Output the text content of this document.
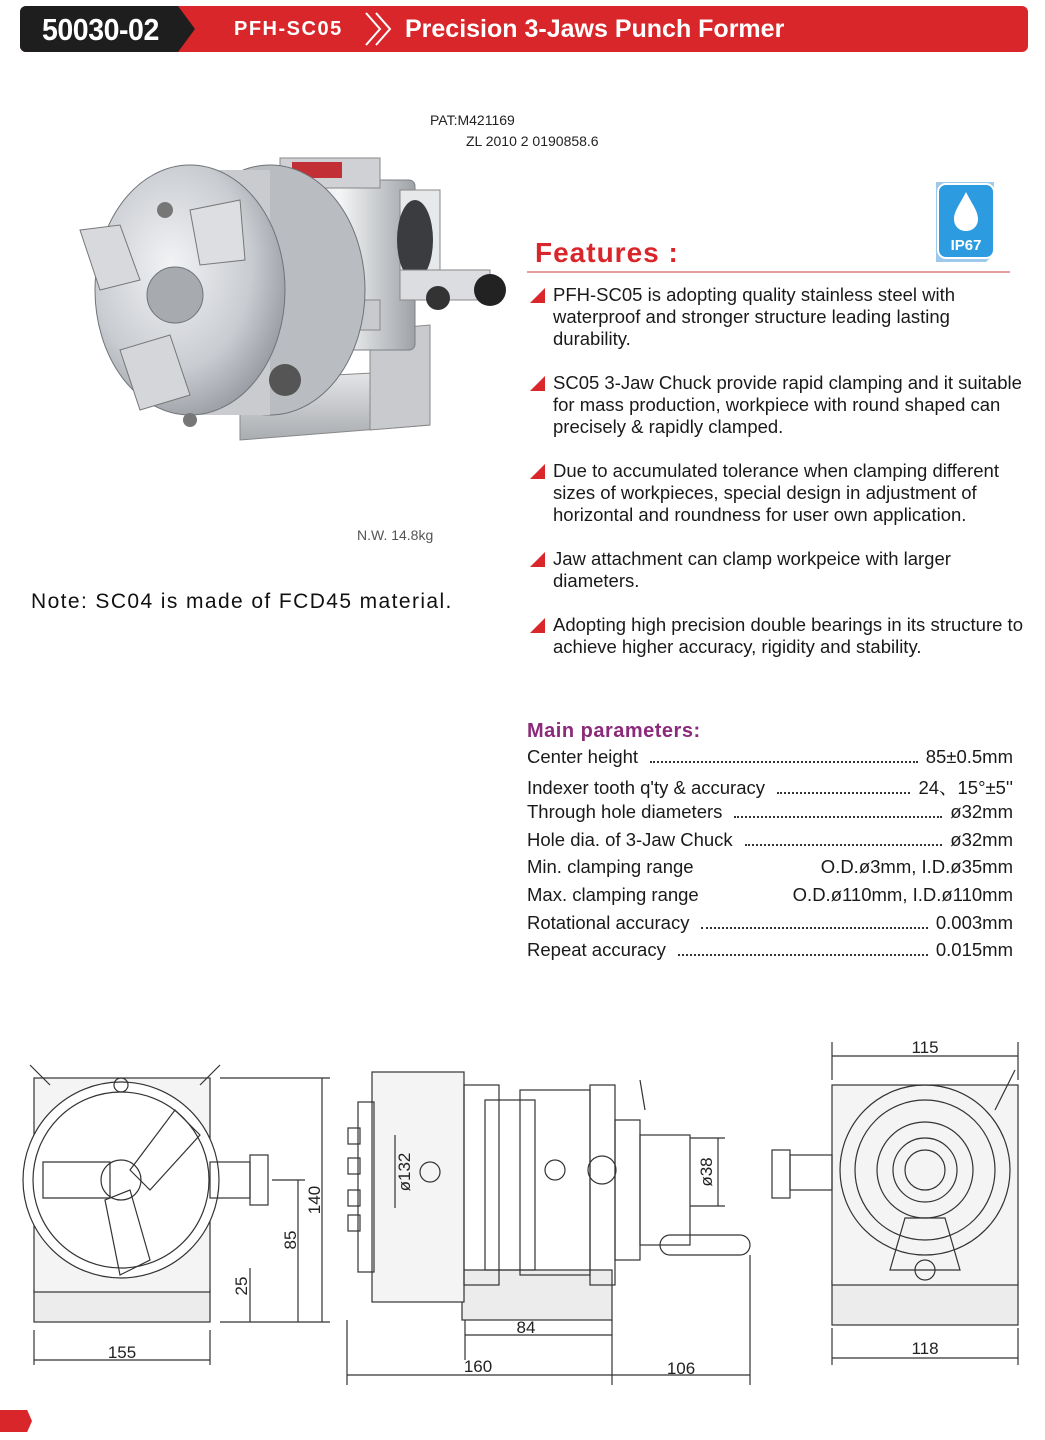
50030-02	PFH-SC05 Precision 3-Jaws Punch Former
PAT:M421169
ZL 2010 2 0190858.6
N.W. 14.8kg
Note: SC04 is made of FCD45 material.
IP67
Features :
PFH-SC05 is adopting quality stainless steel with waterproof and stronger structure leading lasting durability.
SC05 3-Jaw Chuck provide rapid clamping and it suitable for mass production, workpiece with round shaped can precisely & rapidly clamped.
Due to accumulated tolerance when clamping different sizes of workpieces, special design in adjustment of horizontal and roundness for user own application.
Jaw attachment can clamp workpeice with larger diameters.
Adopting high precision double bearings in its structure to achieve higher accuracy, rigidity and stability.
Main parameters:
Center height	85±0.5mm
Indexer tooth q'ty & accuracy	24、15°±5''
Through hole diameters	ø32mm
Hole dia. of 3-Jaw Chuck	ø32mm
Min. clamping range	O.D.ø3mm, I.D.ø35mm
Max. clamping range	O.D.ø110mm, I.D.ø110mm
Rotational accuracy	0.003mm
Repeat accuracy	0.015mm
155
140
85
25
ø132	ø38
84
160	106
115
118
